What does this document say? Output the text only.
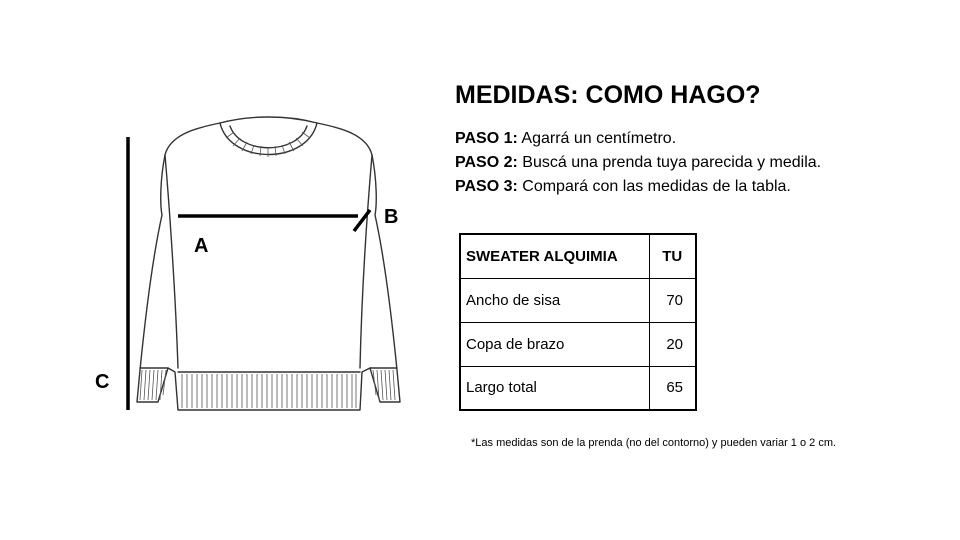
A
B
C
MEDIDAS: COMO HAGO?
PASO 1: Agarrá un centímetro.
PASO 2: Buscá una prenda tuya parecida y medila.
PASO 3: Compará con las medidas de la tabla.
SWEATER ALQUIMIA	TU
Ancho de sisa	70
Copa de brazo	20
Largo total	65
*Las medidas son de la prenda (no del contorno) y pueden variar 1 o 2 cm.
